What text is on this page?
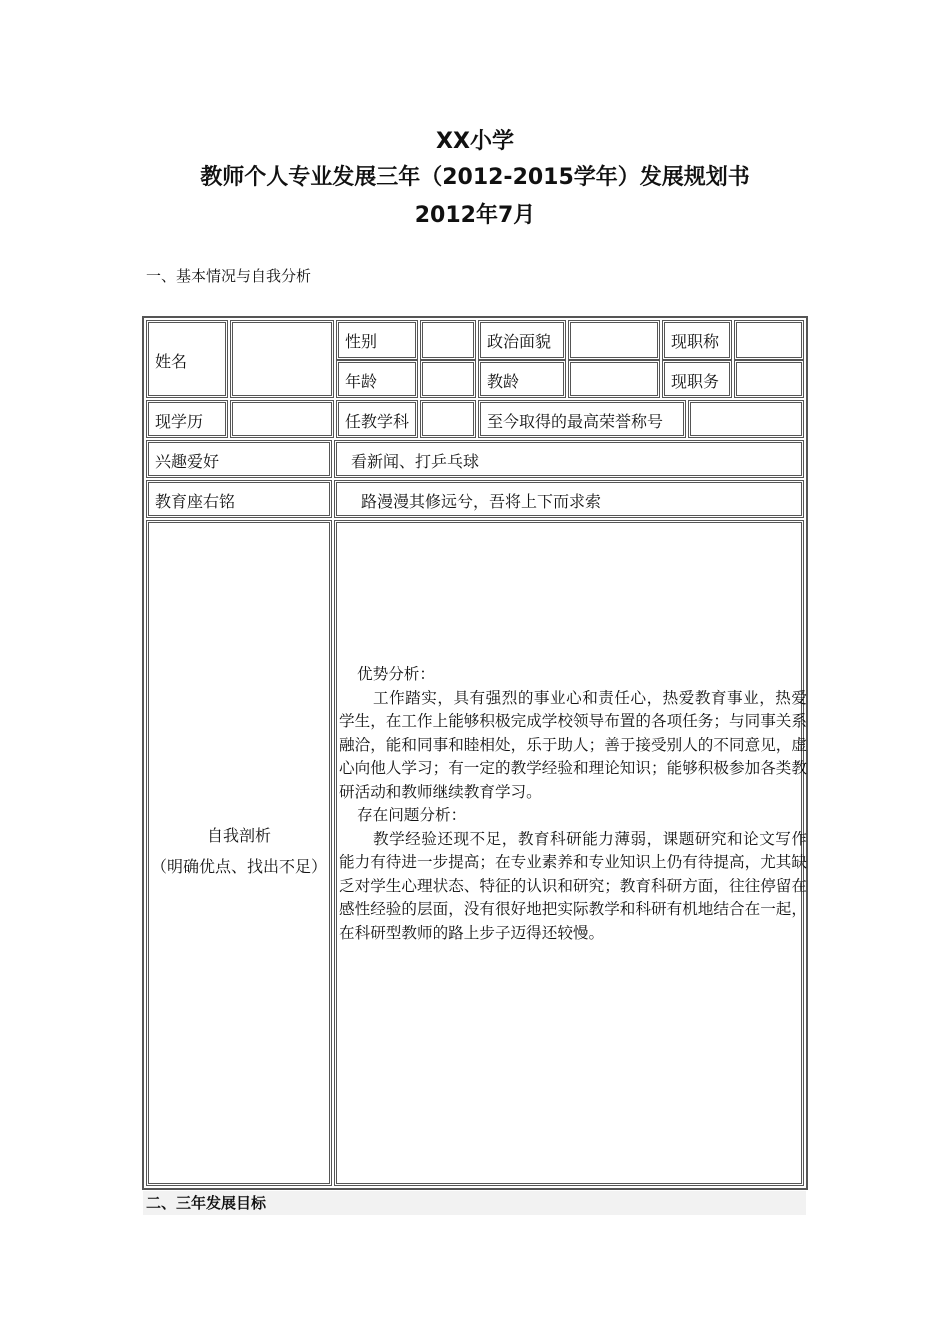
XX小学
教师个人专业发展三年（2012-2015学年）发展规划书
2012年7月
一、基本情况与自我分析
姓名
性别	政治面貌	现职称
年龄	教龄	现职务
现学历	任教学科	至今取得的最高荣誉称号
兴趣爱好	看新闻、打乒乓球
教育座右铭	路漫漫其修远兮，吾将上下而求索
自我剖析
（明确优点、找出不足）

优势分析：

工作踏实，具有强烈的事业心和责任心，热爱教育事业，热爱学生，在工作上能够积极完成学校领导布置的各项任务；与同事关系融洽，能和同事和睦相处，乐于助人；善于接受别人的不同意见，虚心向他人学习；有一定的教学经验和理论知识；能够积极参加各类教研活动和教师继续教育学习。

存在问题分析：

教学经验还现不足，教育科研能力薄弱，课题研究和论文写作能力有待进一步提高；在专业素养和专业知识上仍有待提高，尤其缺乏对学生心理状态、特征的认识和研究；教育科研方面，往往停留在感性经验的层面，没有很好地把实际教学和科研有机地结合在一起，在科研型教师的路上步子迈得还较慢。

二、三年发展目标
